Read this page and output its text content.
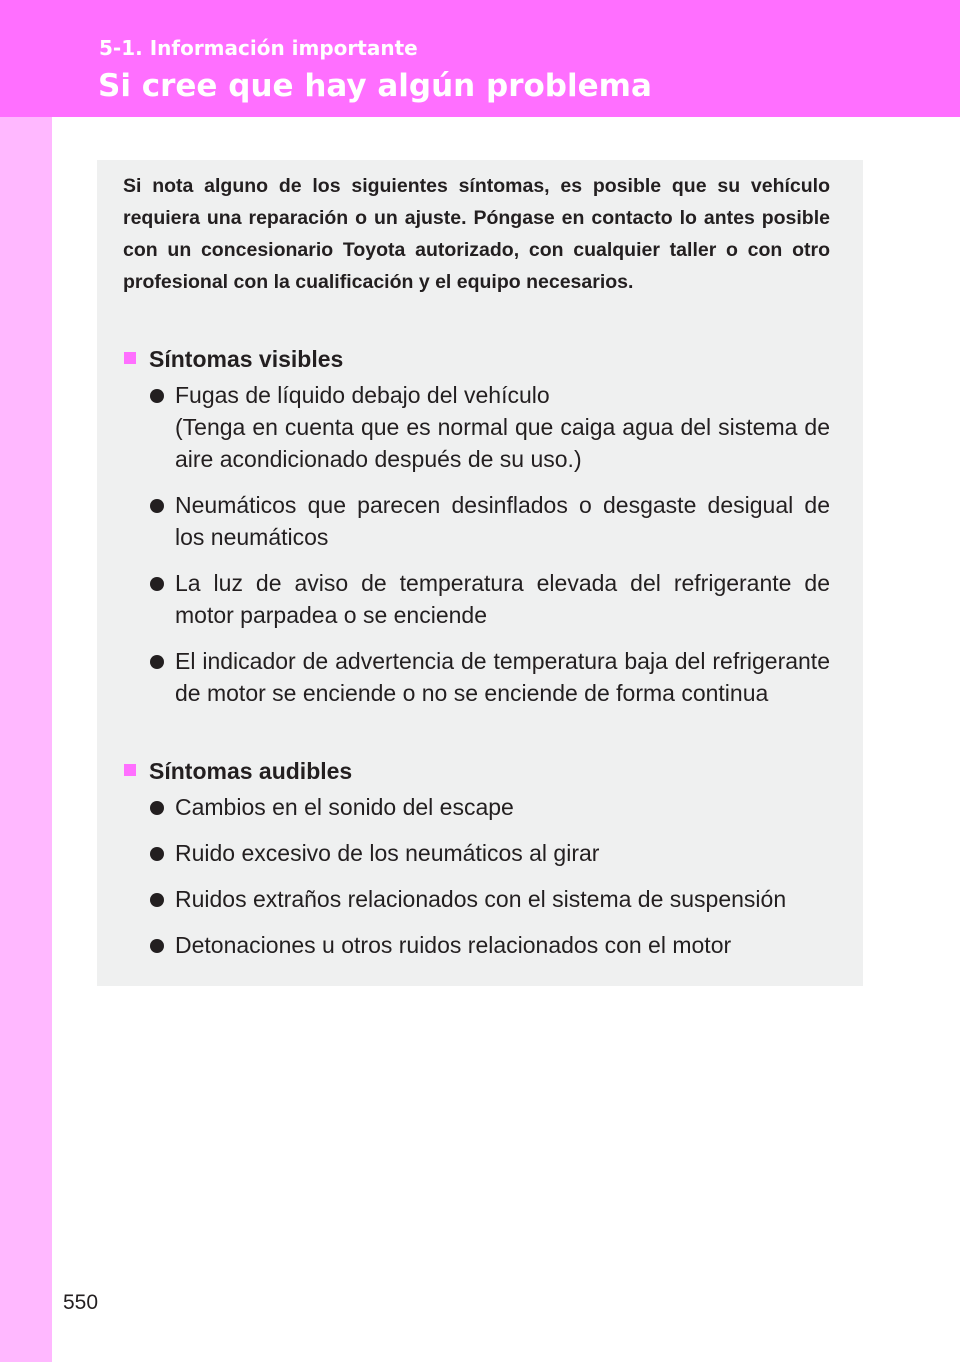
5-1. Información importante
Si cree que hay algún problema
550

Si nota alguno de los siguientes síntomas, es posible que su vehículo requiera una reparación o un ajuste. Póngase en contacto lo antes posible con un concesionario Toyota autorizado, con cualquier taller o con otro profesional con la cualificación y el equipo necesarios.

Síntomas visibles

Fugas de líquido debajo del vehículo
(Tenga en cuenta que es normal que caiga agua del sistema de aire acondicionado después de su uso.)

Neumáticos que parecen desinflados o desgaste desigual de los neumáticos

La luz de aviso de temperatura elevada del refrigerante de motor parpadea o se enciende

El indicador de advertencia de temperatura baja del refrigerante de motor se enciende o no se enciende de forma continua

Síntomas audibles

Cambios en el sonido del escape

Ruido excesivo de los neumáticos al girar

Ruidos extraños relacionados con el sistema de suspensión

Detonaciones u otros ruidos relacionados con el motor
